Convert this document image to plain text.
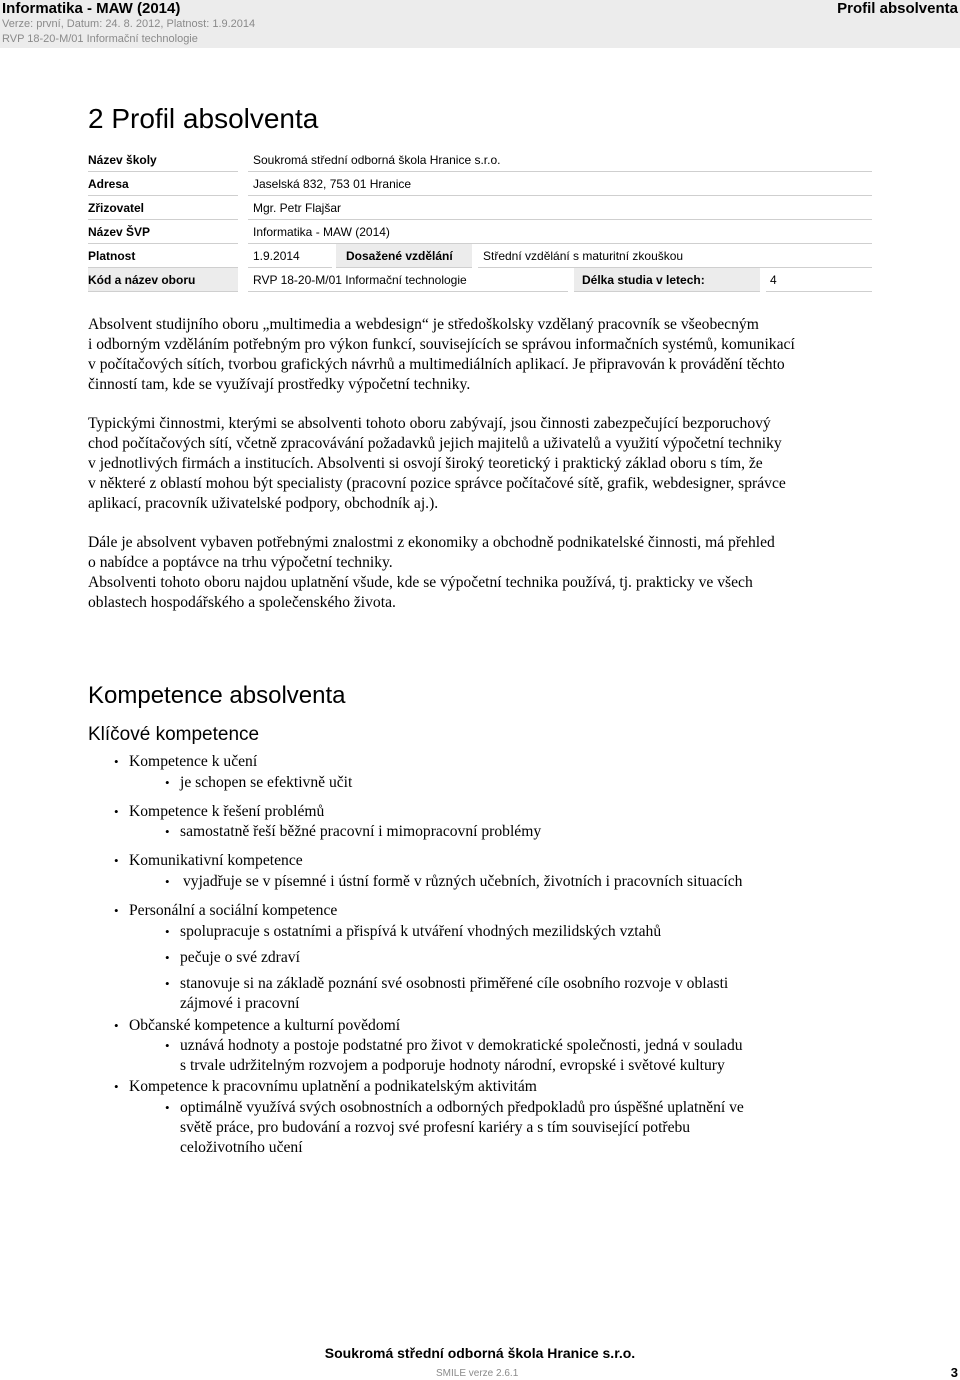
Informatika - MAW (2014)
Verze: první, Datum: 24. 8. 2012, Platnost: 1.9.2014
RVP 18-20-M/01 Informační technologie
Profil absolventa
2 Profil absolventa
Název školy	Soukromá střední odborná škola Hranice s.r.o.
Adresa	Jaselská 832, 753 01 Hranice
Zřizovatel	Mgr. Petr Flajšar
Název ŠVP	Informatika - MAW (2014)
Platnost	1.9.2014	Dosažené vzdělání	Střední vzdělání s maturitní zkouškou
Kód a název oboru	RVP 18-20-M/01 Informační technologie	Délka studia v letech:	4
Absolvent studijního oboru „multimedia a webdesign“ je středoškolsky vzdělaný pracovník se všeobecným
i odborným vzděláním potřebným pro výkon funkcí, souvisejících se správou informačních systémů, komunikací
v počítačových sítích, tvorbou grafických návrhů a multimediálních aplikací. Je připravován k provádění těchto
činností tam, kde se využívají prostředky výpočetní techniky.
Typickými činnostmi, kterými se absolventi tohoto oboru zabývají, jsou činnosti zabezpečující bezporuchový
chod počítačových sítí, včetně zpracovávání požadavků jejich majitelů a uživatelů a využití výpočetní techniky
v jednotlivých firmách a institucích. Absolventi si osvojí široký teoretický i praktický základ oboru s tím, že
v některé z oblastí mohou být specialisty (pracovní pozice správce počítačové sítě, grafik, webdesigner, správce
aplikací, pracovník uživatelské podpory, obchodník aj.).
Dále je absolvent vybaven potřebnými znalostmi z ekonomiky a obchodně podnikatelské činnosti, má přehled
o nabídce a poptávce na trhu výpočetní techniky.
Absolventi tohoto oboru najdou uplatnění všude, kde se výpočetní technika používá, tj. prakticky ve všech
oblastech hospodářského a společenského života.
Kompetence absolventa
Klíčové kompetence
• Kompetence k učení
• je schopen se efektivně učit
• Kompetence k řešení problémů
• samostatně řeší běžné pracovní i mimopracovní problémy
• Komunikativní kompetence
• vyjadřuje se v písemné i ústní formě v různých učebních, životních i pracovních situacích
• Personální a sociální kompetence
• spolupracuje s ostatními a přispívá k utváření vhodných mezilidských vztahů
• pečuje o své zdraví
• stanovuje si na základě poznání své osobnosti přiměřené cíle osobního rozvoje v oblasti
zájmové i pracovní
• Občanské kompetence a kulturní povědomí
• uznává hodnoty a postoje podstatné pro život v demokratické společnosti, jedná v souladu
s trvale udržitelným rozvojem a podporuje hodnoty národní, evropské i světové kultury
• Kompetence k pracovnímu uplatnění a podnikatelským aktivitám
• optimálně využívá svých osobnostních a odborných předpokladů pro úspěšné uplatnění ve
světě práce, pro budování a rozvoj své profesní kariéry a s tím související potřebu
celoživotního učení
Soukromá střední odborná škola Hranice s.r.o.
SMILE verze 2.6.1	3
